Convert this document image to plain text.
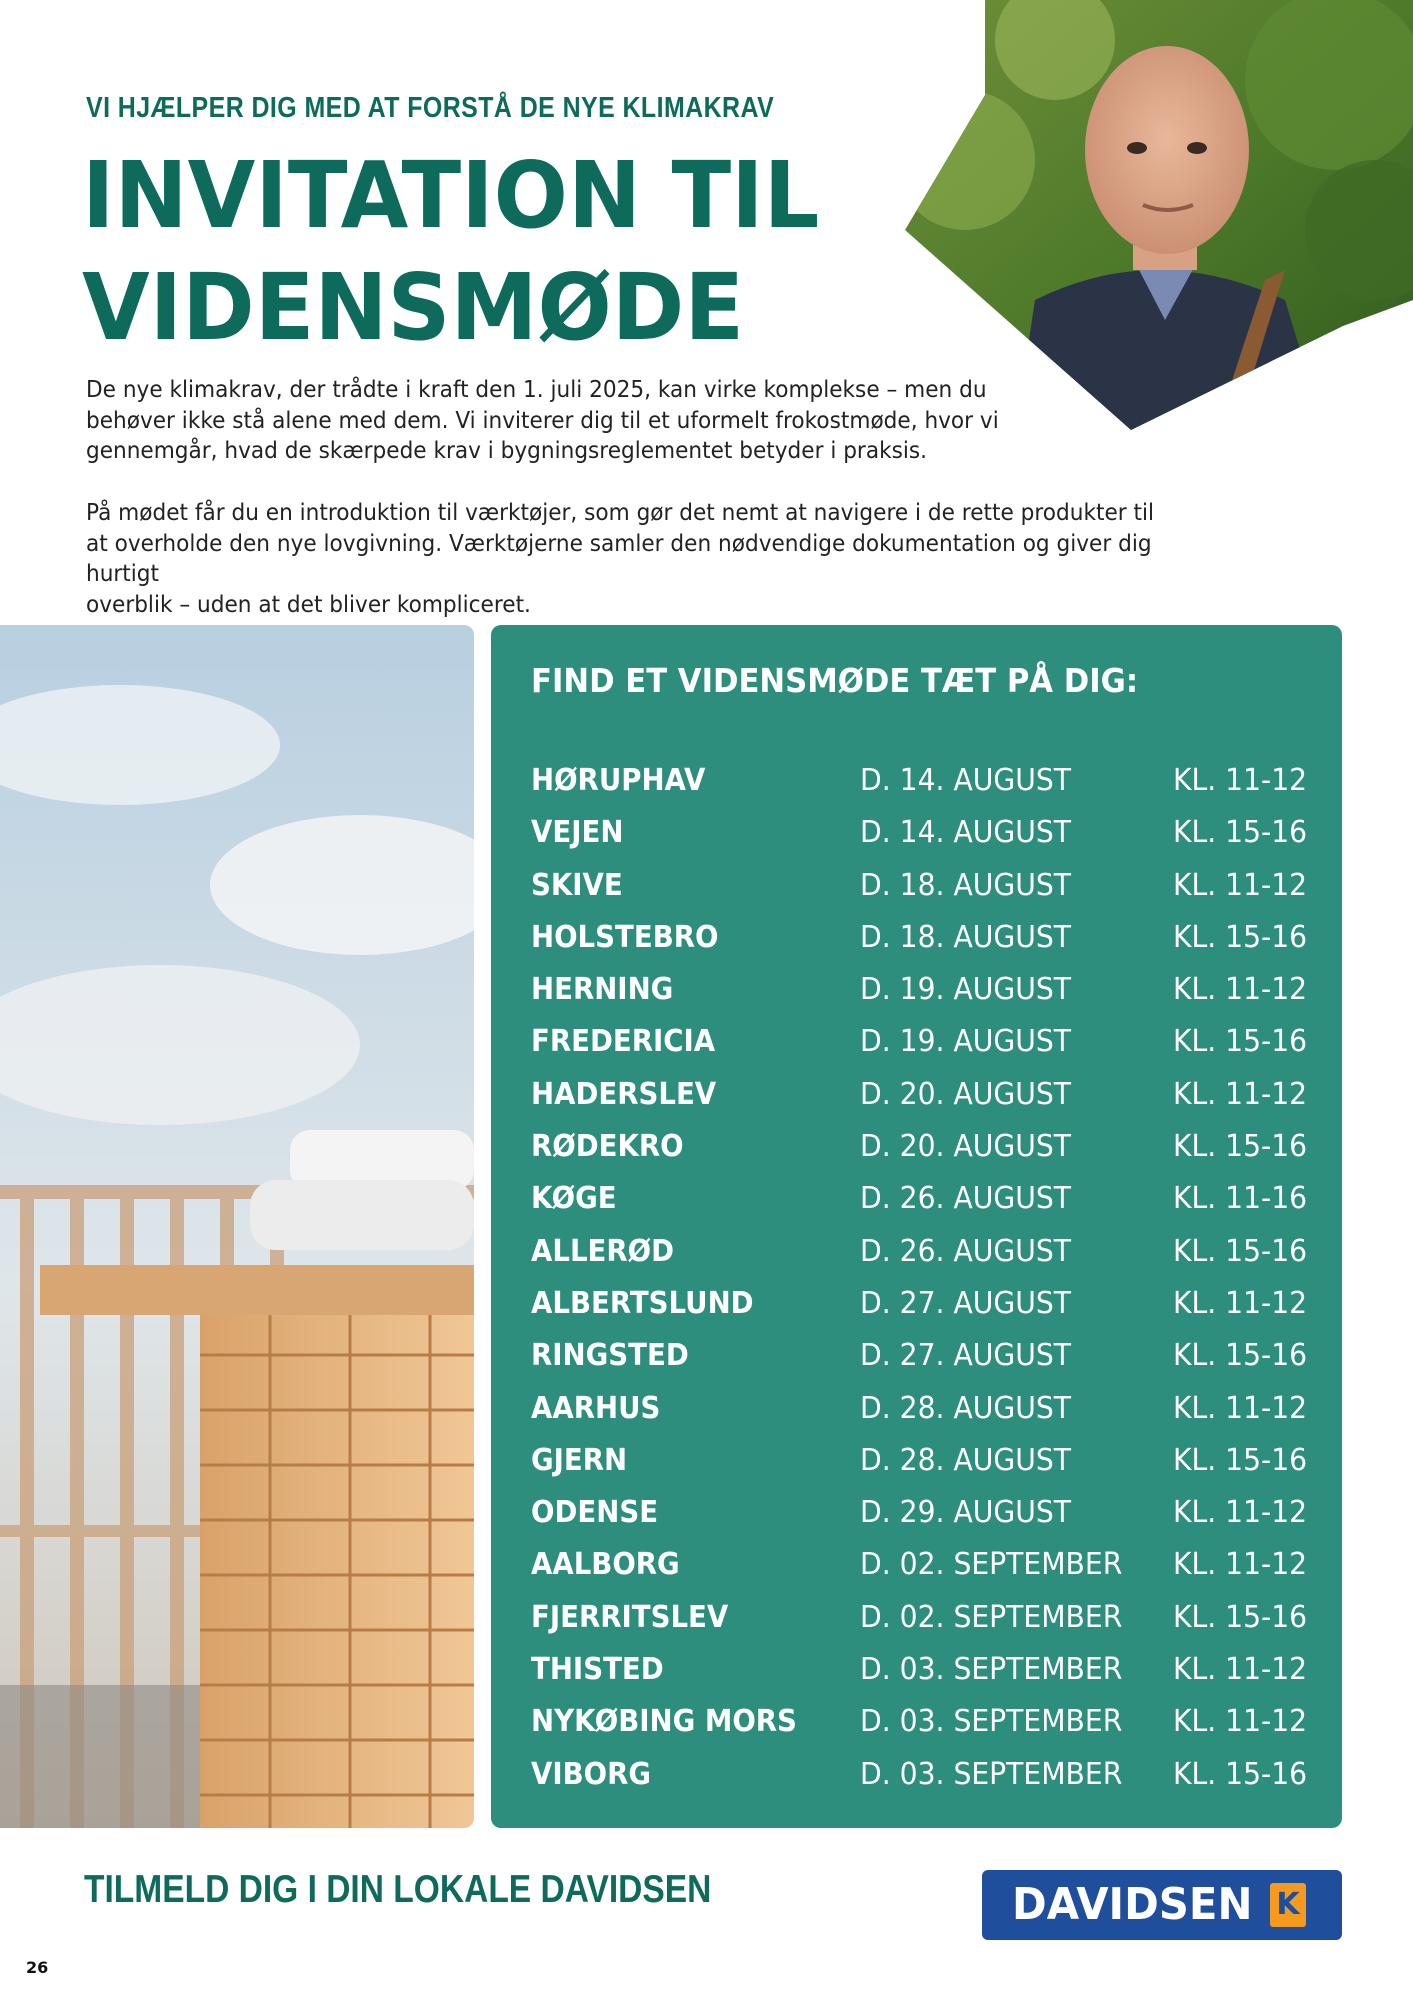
VI HJÆLPER DIG MED AT FORSTÅ DE NYE KLIMAKRAV
INVITATION TIL
VIDENSMØDE
De nye klimakrav, der trådte i kraft den 1. juli 2025, kan virke komplekse – men du
behøver ikke stå alene med dem. Vi inviterer dig til et uformelt frokostmøde, hvor vi
gennemgår, hvad de skærpede krav i bygningsreglementet betyder i praksis.
På mødet får du en introduktion til værktøjer, som gør det nemt at navigere i de rette produkter til
at overholde den nye lovgivning. Værktøjerne samler den nødvendige dokumentation og giver dig hurtigt
overblik – uden at det bliver kompliceret.
FIND ET VIDENSMØDE TÆT PÅ DIG:
HØRUPHAV	D. 14. AUGUST	KL. 11-12
VEJEN	D. 14. AUGUST	KL. 15-16
SKIVE	D. 18. AUGUST	KL. 11-12
HOLSTEBRO	D. 18. AUGUST	KL. 15-16
HERNING	D. 19. AUGUST	KL. 11-12
FREDERICIA	D. 19. AUGUST	KL. 15-16
HADERSLEV	D. 20. AUGUST	KL. 11-12
RØDEKRO	D. 20. AUGUST	KL. 15-16
KØGE	D. 26. AUGUST	KL. 11-16
ALLERØD	D. 26. AUGUST	KL. 15-16
ALBERTSLUND	D. 27. AUGUST	KL. 11-12
RINGSTED	D. 27. AUGUST	KL. 15-16
AARHUS	D. 28. AUGUST	KL. 11-12
GJERN	D. 28. AUGUST	KL. 15-16
ODENSE	D. 29. AUGUST	KL. 11-12
AALBORG	D. 02. SEPTEMBER KL. 11-12
FJERRITSLEV	D. 02. SEPTEMBER KL. 15-16
THISTED	D. 03. SEPTEMBER KL. 11-12
NYKØBING MORS D. 03. SEPTEMBER KL. 11-12
VIBORG	D. 03. SEPTEMBER KL. 15-16
TILMELD DIG I DIN LOKALE DAVIDSEN	DAVIDSEN K
26
